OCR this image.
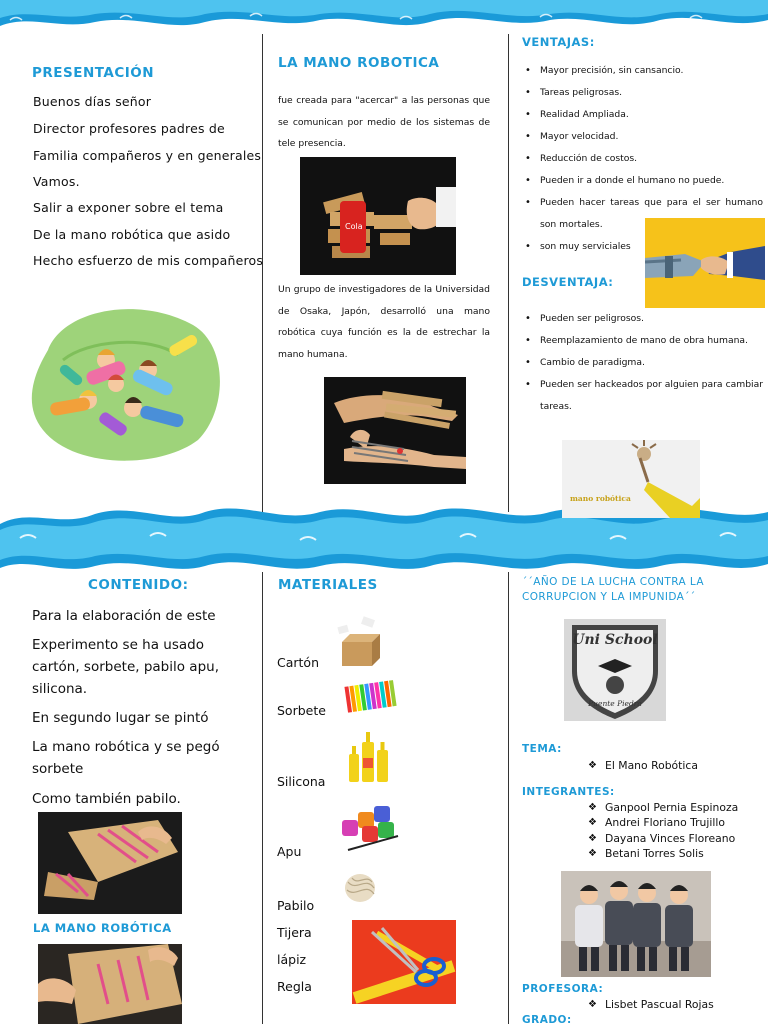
PRESENTACIÓN
Buenos días señor
Director profesores padres de
Familia compañeros y en generales
Vamos.
Salir a exponer sobre el tema
De la mano robótica que asido
Hecho esfuerzo de mis compañeros
LA MANO ROBOTICA
fue creada para "acercar" a las personas que se comunican por medio de los sistemas de tele presencia.
Cola
Un grupo de investigadores de la Universidad de Osaka, Japón, desarrolló una mano robótica cuya función es la de estrechar la mano humana.
VENTAJAS:
• Mayor precisión, sin cansancio.
• Tareas peligrosas.
• Realidad Ampliada.
• Mayor velocidad.
• Reducción de costos.
• Pueden ir a donde el humano no puede.
• Pueden hacer tareas que para el ser humano son mortales.
• son muy serviciales
DESVENTAJA:
• Pueden ser peligrosos.
• Reemplazamiento de mano de obra humana.
• Cambio de paradigma.
• Pueden ser hackeados por alguien para cambiar tareas.
mano robótica
CONTENIDO:
Para la elaboración de este
Experimento se ha usado cartón, sorbete, pabilo apu, silicona.
En segundo lugar se pintó
La mano robótica y se pegó sorbete
Como también pabilo.
LA MANO ROBÓTICA
MATERIALES
Cartón
Sorbete
Silicona
Apu
Pabilo
Tijera
lápiz
Regla
´´AÑO DE LA LUCHA CONTRA LA CORRUPCION Y LA IMPUNIDA´´
Uni School
Puente Piedra
TEMA:
❖ El Mano Robótica
INTEGRANTES:
❖ Ganpool Pernia Espinoza
❖ Andrei Floriano Trujillo
❖ Dayana Vinces Floreano
❖ Betani Torres Solis
PROFESORA:
❖ Lisbet Pascual Rojas
GRADO:
